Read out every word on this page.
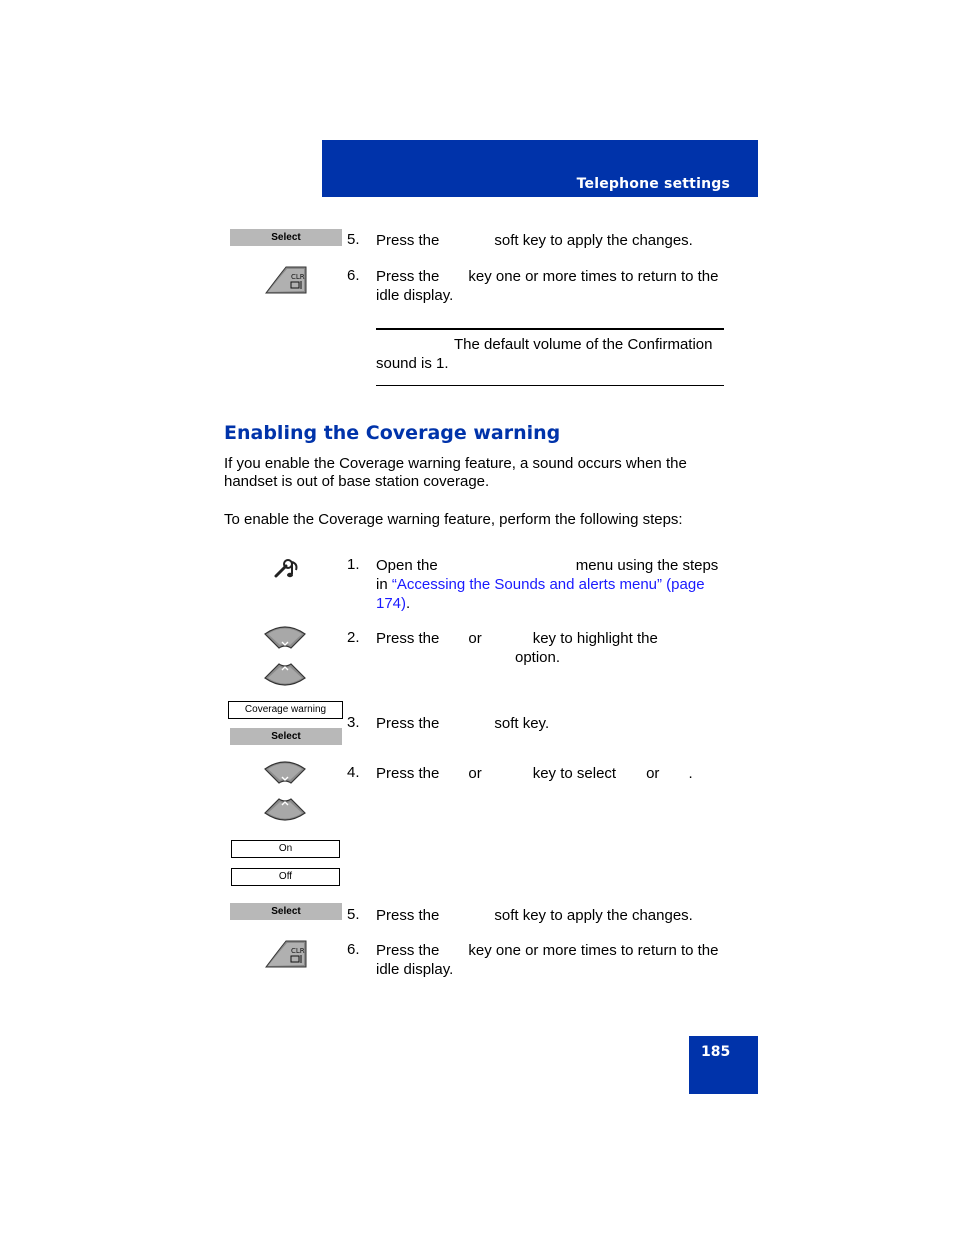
Telephone settings
Select	5. Press the	soft key to apply the changes.
CLR	6. Press the key one or more times to return to the idle display.
The default volume of the Confirmation sound is 1.
Enabling the Coverage warning
If you enable the Coverage warning feature, a sound occurs when the handset is out of base station coverage.
To enable the Coverage warning feature, perform the following steps:
1. Open the	menu using the steps in “Accessing the Sounds and alerts menu” (page 174).
2. Press the or	key to highlight the
option.
Coverage warning
Select
3. Press the	soft key.
4. Press the or	key to select or .
On
Off
Select	5. Press the	soft key to apply the changes.
CLR	6. Press the key one or more times to return to the idle display.
185
